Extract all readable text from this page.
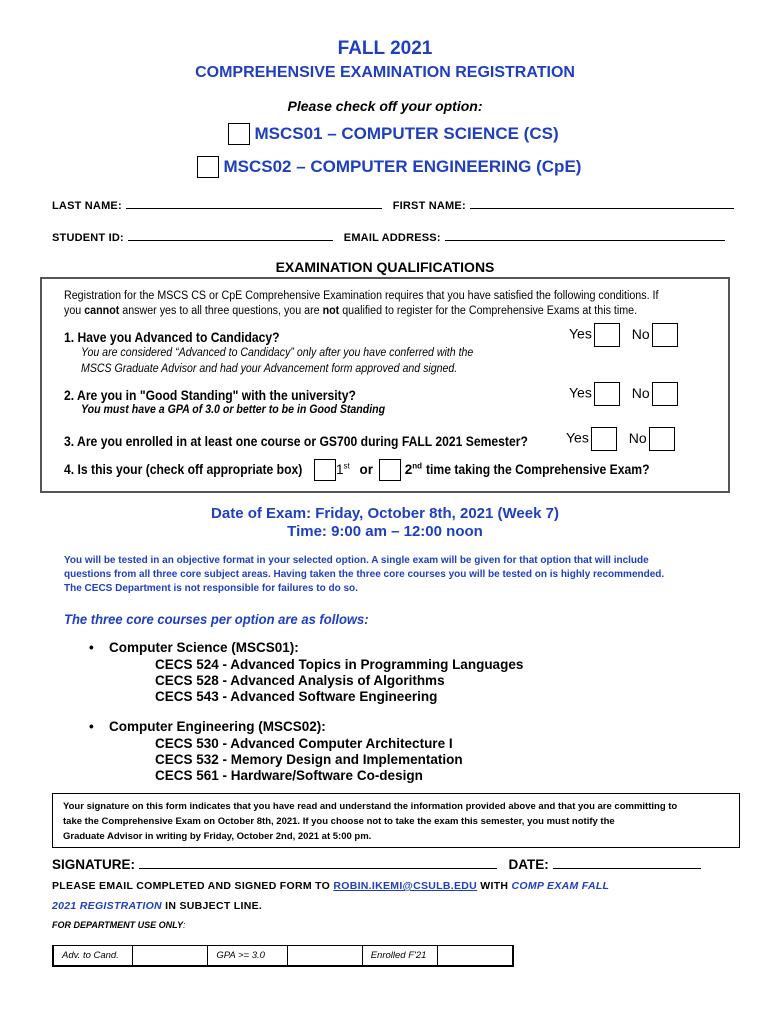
FALL 2021
COMPREHENSIVE EXAMINATION REGISTRATION
Please check off your option:
MSCS01 – COMPUTER SCIENCE (CS)
MSCS02 – COMPUTER ENGINEERING (CpE)
LAST NAME:	FIRST NAME:
STUDENT ID:	EMAIL ADDRESS:
EXAMINATION QUALIFICATIONS
Registration for the MSCS CS or CpE Comprehensive Examination requires that you have satisfied the following conditions. If
you cannot answer yes to all three questions, you are not qualified to register for the Comprehensive Exams at this time.
1. Have you Advanced to Candidacy?
You are considered “Advanced to Candidacy” only after you have conferred with the
MSCS Graduate Advisor and had your Advancement form approved and signed.
Yes	No
2. Are you in "Good Standing" with the university?
You must have a GPA of 3.0 or better to be in Good Standing
Yes	No
3. Are you enrolled in at least one course or GS700 during FALL 2021 Semester?	Yes	No
4. Is this your (check off appropriate box) 1st or 2nd time taking the Comprehensive Exam?
Date of Exam: Friday, October 8th, 2021 (Week 7)
Time: 9:00 am – 12:00 noon
You will be tested in an objective format in your selected option. A single exam will be given for that option that will include
questions from all three core subject areas. Having taken the three core courses you will be tested on is highly recommended.
The CECS Department is not responsible for failures to do so.
The three core courses per option are as follows:
• Computer Science (MSCS01):
CECS 524 - Advanced Topics in Programming Languages
CECS 528 - Advanced Analysis of Algorithms
CECS 543 - Advanced Software Engineering
• Computer Engineering (MSCS02):
CECS 530 - Advanced Computer Architecture I
CECS 532 - Memory Design and Implementation
CECS 561 - Hardware/Software Co-design
Your signature on this form indicates that you have read and understand the information provided above and that you are committing to
take the Comprehensive Exam on October 8th, 2021. If you choose not to take the exam this semester, you must notify the
Graduate Advisor in writing by Friday, October 2nd, 2021 at 5:00 pm.
SIGNATURE:	DATE:
PLEASE EMAIL COMPLETED AND SIGNED FORM TO ROBIN.IKEMI@CSULB.EDU WITH COMP EXAM FALL
2021 REGISTRATION IN SUBJECT LINE.
FOR DEPARTMENT USE ONLY:
Adv. to Cand.		GPA >= 3.0		Enrolled F'21	
